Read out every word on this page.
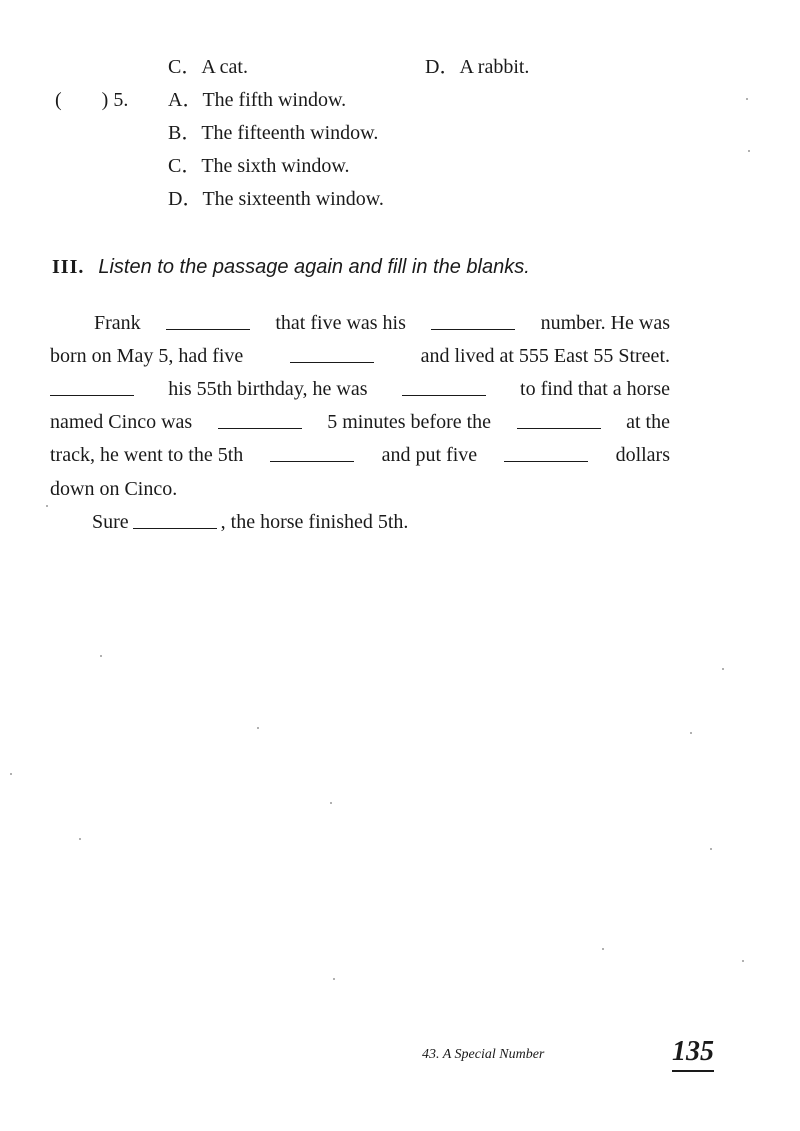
C．A cat.	D．A rabbit.
(　　) 5. A．The fifth window.
B．The fifteenth window.
C．The sixth window.
D．The sixteenth window.
III. Listen to the passage again and fill in the blanks.
Frank	that five was his	number. He was
born on May 5, had five	and lived at 555 East 55 Street.
his 55th birthday, he was	to find that a horse
named Cinco was	5 minutes before the	at the
track, he went to the 5th	and put five	dollars
down on Cinco.
Sure	, the horse finished 5th.
43. A Special Number	135
